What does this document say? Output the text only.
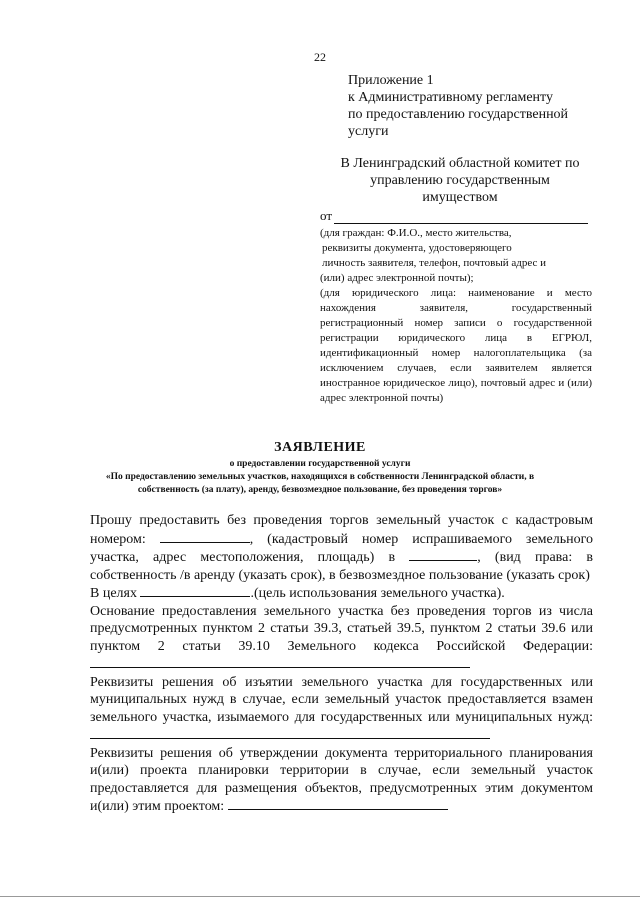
22
Приложение 1
к Административному регламенту
по предоставлению государственной
услуги
В Ленинградский областной комитет по
управлению государственным
имуществом
от

(для граждан: Ф.И.О., место жительства,

реквизиты документа, удостоверяющего

личность заявителя, телефон, почтовый адрес и

(или) адрес электронной почты);

(для юридического лица: наименование и место нахождения заявителя, государственный регистрационный номер записи о государственной регистрации юридического лица в ЕГРЮЛ, идентификационный номер налогоплательщика (за исключением случаев, если заявителем является иностранное юридическое лицо), почтовый адрес и (или) адрес электронной почты)

ЗАЯВЛЕНИЕ
о предоставлении государственной услуги
«По предоставлению земельных участков, находящихся в собственности Ленинградской области, в
собственность (за плату), аренду, безвозмездное пользование, без проведения торгов»

Прошу предоставить без проведения торгов земельный участок с кадастровым номером:	, (кадастровый номер испрашиваемого земельного участка, адрес местоположения, площадь) в	, (вид права: в собственность /в аренду (указать срок), в безвозмездное пользование (указать срок)

В целях	.(цель использования земельного участка).

Основание предоставления земельного участка без проведения торгов из числа предусмотренных пунктом 2 статьи 39.3, статьей 39.5, пунктом 2 статьи 39.6 или пунктом 2 статьи 39.10 Земельного кодекса Российской Федерации:

Реквизиты решения об изъятии земельного участка для государственных или муниципальных нужд в случае, если земельный участок предоставляется взамен земельного участка, изымаемого для государственных или муниципальных нужд:

Реквизиты решения об утверждении документа территориального планирования и(или) проекта планировки территории в случае, если земельный участок предоставляется для размещения объектов, предусмотренных этим документом и(или) этим проектом:
